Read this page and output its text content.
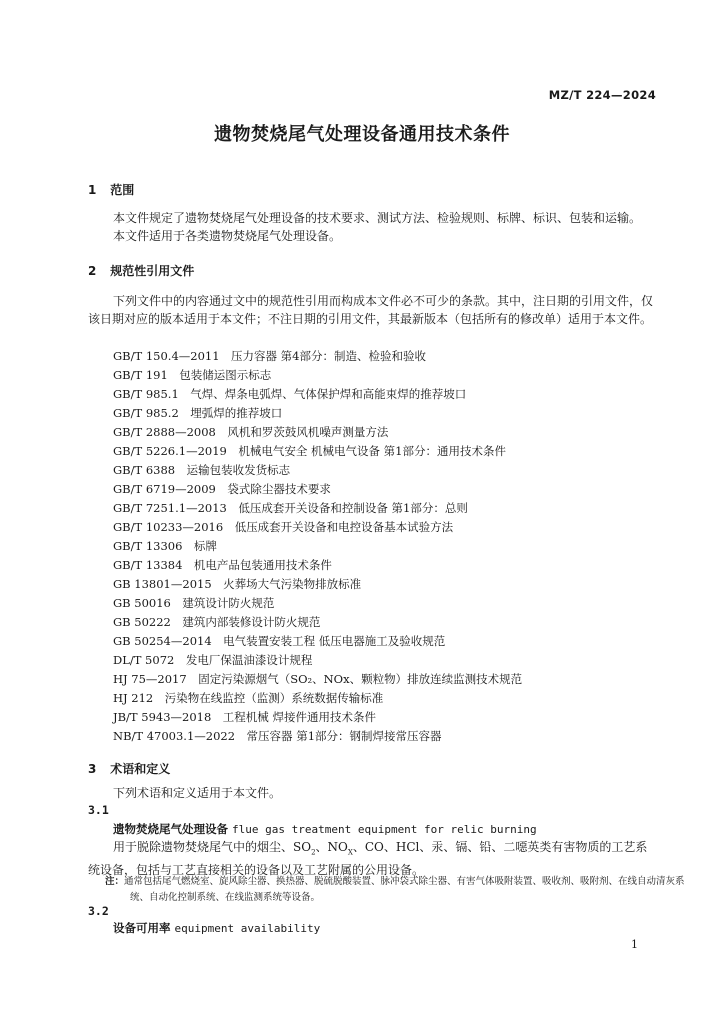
MZ/T 224—2024
遗物焚烧尾气处理设备通用技术条件
1 范围
本文件规定了遗物焚烧尾气处理设备的技术要求、测试方法、检验规则、标牌、标识、包装和运输。
本文件适用于各类遗物焚烧尾气处理设备。
2 规范性引用文件
下列文件中的内容通过文中的规范性引用而构成本文件必不可少的条款。其中，注日期的引用文件，仅该日期对应的版本适用于本文件；不注日期的引用文件，其最新版本（包括所有的修改单）适用于本文件。
GB/T 150.4—2011　压力容器 第4部分：制造、检验和验收
GB/T 191　包装储运图示标志
GB/T 985.1　气焊、焊条电弧焊、气体保护焊和高能束焊的推荐坡口
GB/T 985.2　埋弧焊的推荐坡口
GB/T 2888—2008　风机和罗茨鼓风机噪声测量方法
GB/T 5226.1—2019　机械电气安全 机械电气设备 第1部分：通用技术条件
GB/T 6388　运输包装收发货标志
GB/T 6719—2009　袋式除尘器技术要求
GB/T 7251.1—2013　低压成套开关设备和控制设备 第1部分：总则
GB/T 10233—2016　低压成套开关设备和电控设备基本试验方法
GB/T 13306　标牌
GB/T 13384　机电产品包装通用技术条件
GB 13801—2015　火葬场大气污染物排放标准
GB 50016　建筑设计防火规范
GB 50222　建筑内部装修设计防火规范
GB 50254—2014　电气装置安装工程 低压电器施工及验收规范
DL/T 5072　发电厂保温油漆设计规程
HJ 75—2017　固定污染源烟气（SO₂、NOx、颗粒物）排放连续监测技术规范
HJ 212　污染物在线监控（监测）系统数据传输标准
JB/T 5943—2018　工程机械 焊接件通用技术条件
NB/T 47003.1—2022　常压容器 第1部分：钢制焊接常压容器
3 术语和定义
下列术语和定义适用于本文件。
3.1
遗物焚烧尾气处理设备 flue gas treatment equipment for relic burning
用于脱除遗物焚烧尾气中的烟尘、$SO_2$、$NO_X$、CO、HCl、汞、镉、铅、二噁英类有害物质的工艺系统设备，包括与工艺直接相关的设备以及工艺附属的公用设备。
注：通常包括尾气燃烧室、旋风除尘器、换热器、脱硫脱酸装置、脉冲袋式除尘器、有害气体吸附装置、吸收剂、吸附剂、在线自动清灰系统、自动化控制系统、在线监测系统等设备。
3.2
设备可用率 equipment availability
1
